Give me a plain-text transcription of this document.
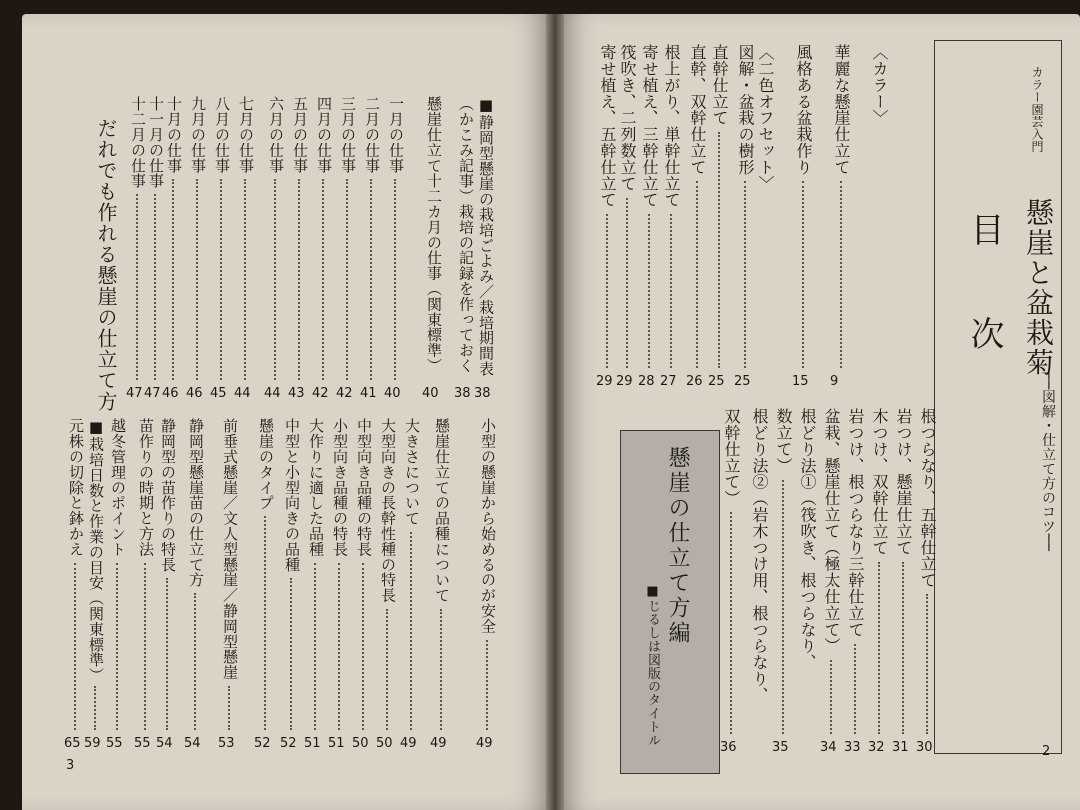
カラー園芸入門
懸崖と盆栽菊
──図解・仕立て方のコツ──
目次
2
懸崖の仕立て方編
■じるしは図版のタイトル
〈カラー〉
華麗な懸崖仕立て
9
風格ある盆栽作り
15
〈二色オフセット〉
図解・盆栽の樹形
25
直幹仕立て
25
直幹、双幹仕立て
26
根上がり、単幹仕立て
27
寄せ植え、三幹仕立て
28
筏吹き、二列数立て
29
寄せ植え、五幹仕立て
29
根つらなり、五幹仕立て
30
岩つけ、懸崖仕立て
31
木つけ、双幹仕立て
32
岩つけ、根つらなり三幹仕立て
33
盆栽、懸崖仕立て（極太仕立て）
34
根どり法①（筏吹き、根つらなり、
数立て）
35
根どり法②（岩木つけ用、根つらなり、
双幹仕立て）
36
だれでも作れる懸崖の仕立て方
3
■静岡型懸崖の栽培ごよみ／栽培期間表
38
（かこみ記事）栽培の記録を作っておく
38
懸崖仕立て十二カ月の仕事（関東標準）
40
一月の仕事
40
二月の仕事
41
三月の仕事
42
四月の仕事
42
五月の仕事
43
六月の仕事
44
七月の仕事
44
八月の仕事
45
九月の仕事
46
十月の仕事
46
十一月の仕事
47
十二月の仕事
47
小型の懸崖から始めるのが安全
49
懸崖仕立ての品種について
49
大きさについて
49
大型向きの長幹性種の特長
50
中型向き品種の特長
50
小型向き品種の特長
51
大作りに適した品種
51
中型と小型向きの品種
52
懸崖のタイプ
52
前垂式懸崖／文人型懸崖／静岡型懸崖
53
静岡型懸崖苗の仕立て方
54
静岡型の苗作りの特長
54
苗作りの時期と方法
55
越冬管理のポイント
55
■栽培日数と作業の目安（関東標準）
59
元株の切除と鉢かえ
65
